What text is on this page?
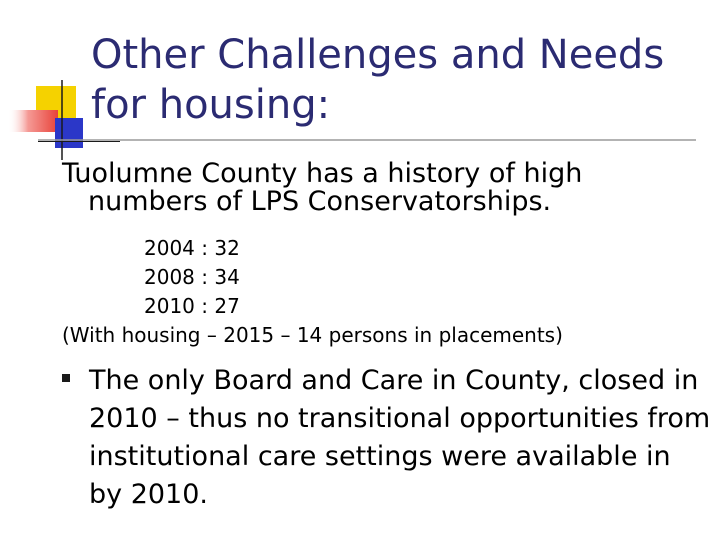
Other Challenges and Needs
for housing:

Tuolumne County has a history of high
numbers of LPS Conservatorships.

2004 : 32
2008 : 34
2010 : 27
(With housing – 2015 – 14 persons in placements)
The only Board and Care in County, closed in 2010 – thus no transitional opportunities from institutional care settings were available in by 2010.
